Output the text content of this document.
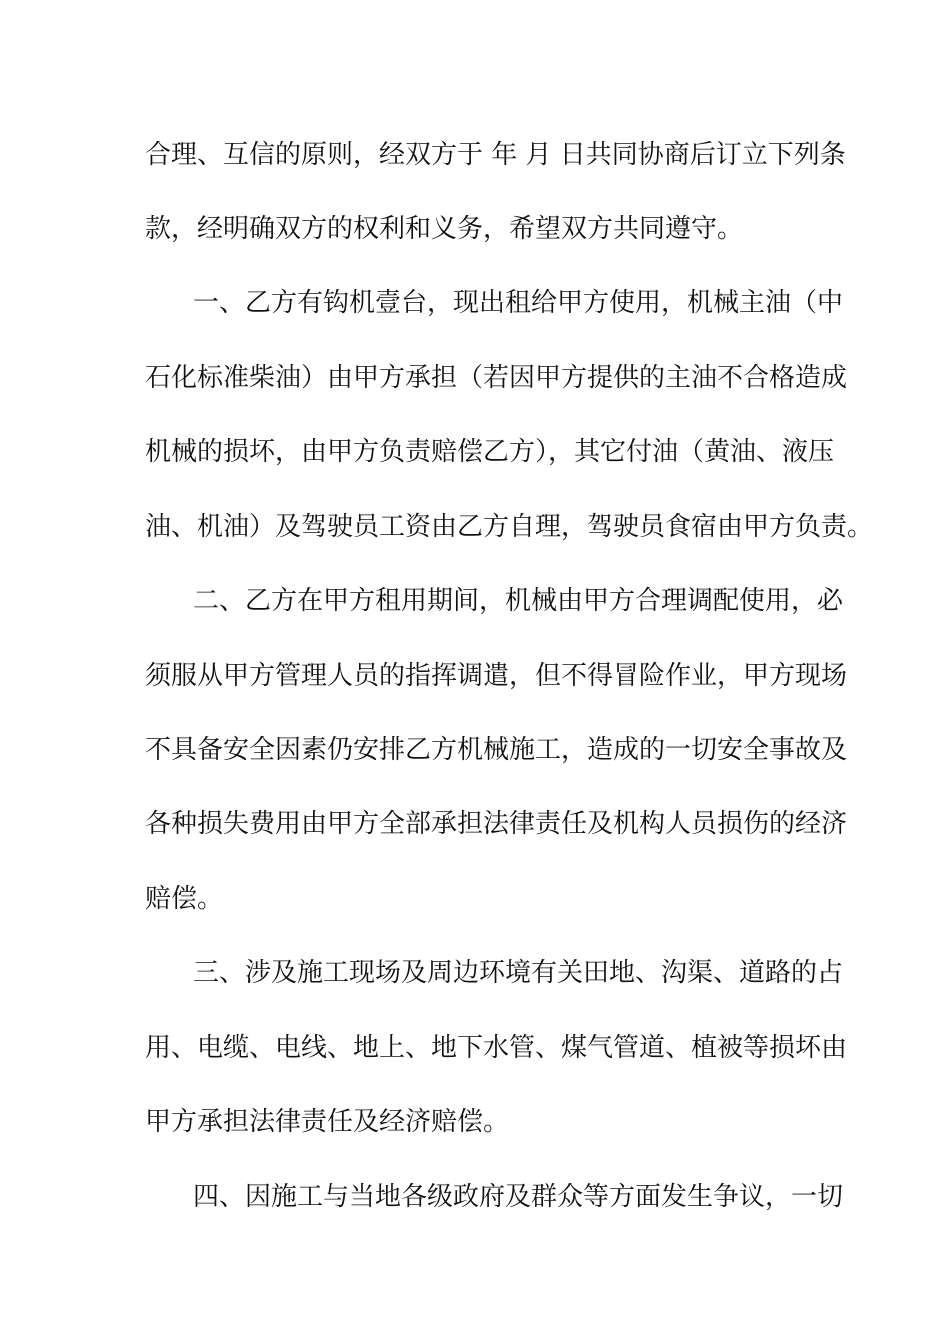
合理、互信的原则，经双方于 年 月 日共同协商后订立下列条
款，经明确双方的权利和义务，希望双方共同遵守。
一、乙方有钩机壹台，现出租给甲方使用，机械主油（中
石化标准柴油）由甲方承担（若因甲方提供的主油不合格造成
机械的损坏，由甲方负责赔偿乙方），其它付油（黄油、液压
油、机油）及驾驶员工资由乙方自理，驾驶员食宿由甲方负责。
二、乙方在甲方租用期间，机械由甲方合理调配使用，必
须服从甲方管理人员的指挥调遣，但不得冒险作业，甲方现场
不具备安全因素仍安排乙方机械施工，造成的一切安全事故及
各种损失费用由甲方全部承担法律责任及机构人员损伤的经济
赔偿。
三、涉及施工现场及周边环境有关田地、沟渠、道路的占
用、电缆、电线、地上、地下水管、煤气管道、植被等损坏由
甲方承担法律责任及经济赔偿。
四、因施工与当地各级政府及群众等方面发生争议，一切
